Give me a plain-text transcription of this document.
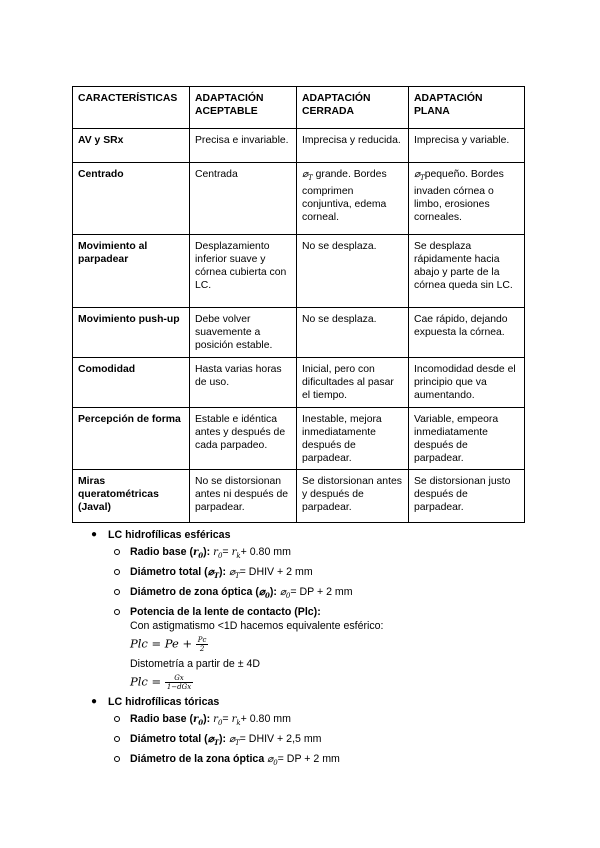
CARACTERÍSTICAS	ADAPTACIÓN ACEPTABLE	ADAPTACIÓN CERRADA	ADAPTACIÓN PLANA
AV y SRx	Precisa e invariable.	Imprecisa y reducida.	Imprecisa y variable.
Centrado	Centrada	$⌀_T$ grande. Bordes comprimen conjuntiva, edema corneal.	$⌀_Tpequeño$. Bordes invaden córnea o limbo, erosiones corneales.
Movimiento al parpadear	Desplazamiento inferior suave y córnea cubierta con LC.	No se desplaza.	Se desplaza rápidamente hacia abajo y parte de la córnea queda sin LC.
Movimiento push-up	Debe volver suavemente a posición estable.	No se desplaza.	Cae rápido, dejando expuesta la córnea.
Comodidad	Hasta varias horas de uso.	Inicial, pero con dificultades al pasar el tiempo.	Incomodidad desde el principio que va aumentando.
Percepción de forma	Estable e idéntica antes y después de cada parpadeo.	Inestable, mejora inmediatamente después de parpadear.	Variable, empeora inmediatamente después de parpadear.
Miras queratométricas (Javal)	No se distorsionan antes ni después de parpadear.	Se distorsionan antes y después de parpadear.	Se distorsionan justo después de parpadear.
● LC hidrofílicas esféricas
Radio base $(r_0)$: $r_0= r_k+ 0.80$ mm
Diámetro total $(⌀_T)$: $⌀_T=$ DHIV + 2 mm
Diámetro de zona óptica $(⌀_0)$: $⌀_0=$ DP + 2 mm
Potencia de la lente de contacto (Plc):
Con astigmatismo <1D hacemos equivalente esférico:
Plc = $Pe + \frac{Pc}{2}$
Distometría a partir de ± 4D
Plc = $\frac{Gx}{\text{1−dGx}}$
● LC hidrofílicas tóricas
Radio base $(r_0)$: $r_0= r_k+ 0.80$ mm
Diámetro total $(⌀_T)$: $⌀_T=$ DHIV + 2,5 mm
Diámetro de la zona óptica $⌀_0=$ DP + 2 mm
